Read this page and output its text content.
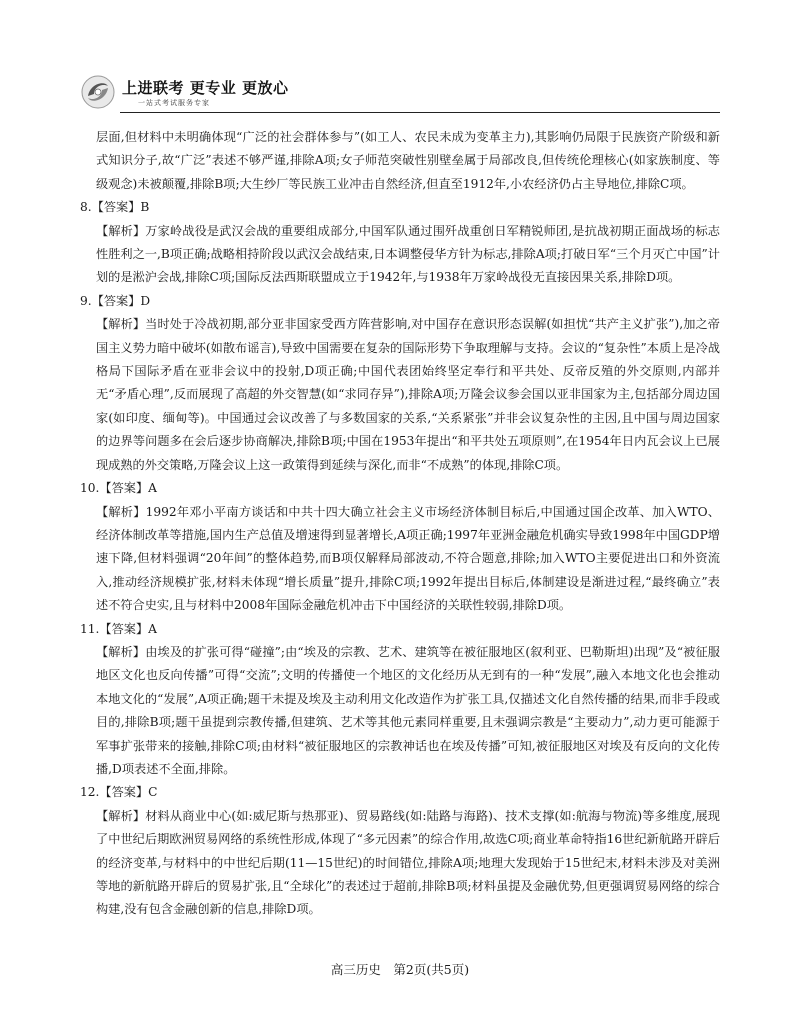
上进联考 更专业 更放心
一站式考试服务专家

层面,但材料中未明确体现“广泛的社会群体参与”(如工人、农民未成为变革主力),其影响仍局限于民族资产阶级和新式知识分子,故“广泛”表述不够严谨,排除A项;女子师范突破性别壁垒属于局部改良,但传统伦理核心(如家族制度、等级观念)未被颠覆,排除B项;大生纱厂等民族工业冲击自然经济,但直至1912年,小农经济仍占主导地位,排除C项。

8.【答案】B

【解析】万家岭战役是武汉会战的重要组成部分,中国军队通过围歼战重创日军精锐师团,是抗战初期正面战场的标志性胜利之一,B项正确;战略相持阶段以武汉会战结束,日本调整侵华方针为标志,排除A项;打破日军“三个月灭亡中国”计划的是淞沪会战,排除C项;国际反法西斯联盟成立于1942年,与1938年万家岭战役无直接因果关系,排除D项。

9.【答案】D

【解析】当时处于冷战初期,部分亚非国家受西方阵营影响,对中国存在意识形态误解(如担忧“共产主义扩张”),加之帝国主义势力暗中破坏(如散布谣言),导致中国需要在复杂的国际形势下争取理解与支持。会议的“复杂性”本质上是冷战格局下国际矛盾在亚非会议中的投射,D项正确;中国代表团始终坚定奉行和平共处、反帝反殖的外交原则,内部并无“矛盾心理”,反而展现了高超的外交智慧(如“求同存异”),排除A项;万隆会议参会国以亚非国家为主,包括部分周边国家(如印度、缅甸等)。中国通过会议改善了与多数国家的关系,“关系紧张”并非会议复杂性的主因,且中国与周边国家的边界等问题多在会后逐步协商解决,排除B项;中国在1953年提出“和平共处五项原则”,在1954年日内瓦会议上已展现成熟的外交策略,万隆会议上这一政策得到延续与深化,而非“不成熟”的体现,排除C项。

10.【答案】A

【解析】1992年邓小平南方谈话和中共十四大确立社会主义市场经济体制目标后,中国通过国企改革、加入WTO、经济体制改革等措施,国内生产总值及增速得到显著增长,A项正确;1997年亚洲金融危机确实导致1998年中国GDP增速下降,但材料强调“20年间”的整体趋势,而B项仅解释局部波动,不符合题意,排除;加入WTO主要促进出口和外资流入,推动经济规模扩张,材料未体现“增长质量”提升,排除C项;1992年提出目标后,体制建设是渐进过程,“最终确立”表述不符合史实,且与材料中2008年国际金融危机冲击下中国经济的关联性较弱,排除D项。

11.【答案】A

【解析】由埃及的扩张可得“碰撞”;由“埃及的宗教、艺术、建筑等在被征服地区(叙利亚、巴勒斯坦)出现”及“被征服地区文化也反向传播”可得“交流”;文明的传播使一个地区的文化经历从无到有的一种“发展”,融入本地文化也会推动本地文化的“发展”,A项正确;题干未提及埃及主动利用文化改造作为扩张工具,仅描述文化自然传播的结果,而非手段或目的,排除B项;题干虽提到宗教传播,但建筑、艺术等其他元素同样重要,且未强调宗教是“主要动力”,动力更可能源于军事扩张带来的接触,排除C项;由材料“被征服地区的宗教神话也在埃及传播”可知,被征服地区对埃及有反向的文化传播,D项表述不全面,排除。

12.【答案】C

【解析】材料从商业中心(如:威尼斯与热那亚)、贸易路线(如:陆路与海路)、技术支撑(如:航海与物流)等多维度,展现了中世纪后期欧洲贸易网络的系统性形成,体现了“多元因素”的综合作用,故选C项;商业革命特指16世纪新航路开辟后的经济变革,与材料中的中世纪后期(11—15世纪)的时间错位,排除A项;地理大发现始于15世纪末,材料未涉及对美洲等地的新航路开辟后的贸易扩张,且“全球化”的表述过于超前,排除B项;材料虽提及金融优势,但更强调贸易网络的综合构建,没有包含金融创新的信息,排除D项。

高三历史　第2页(共5页)
